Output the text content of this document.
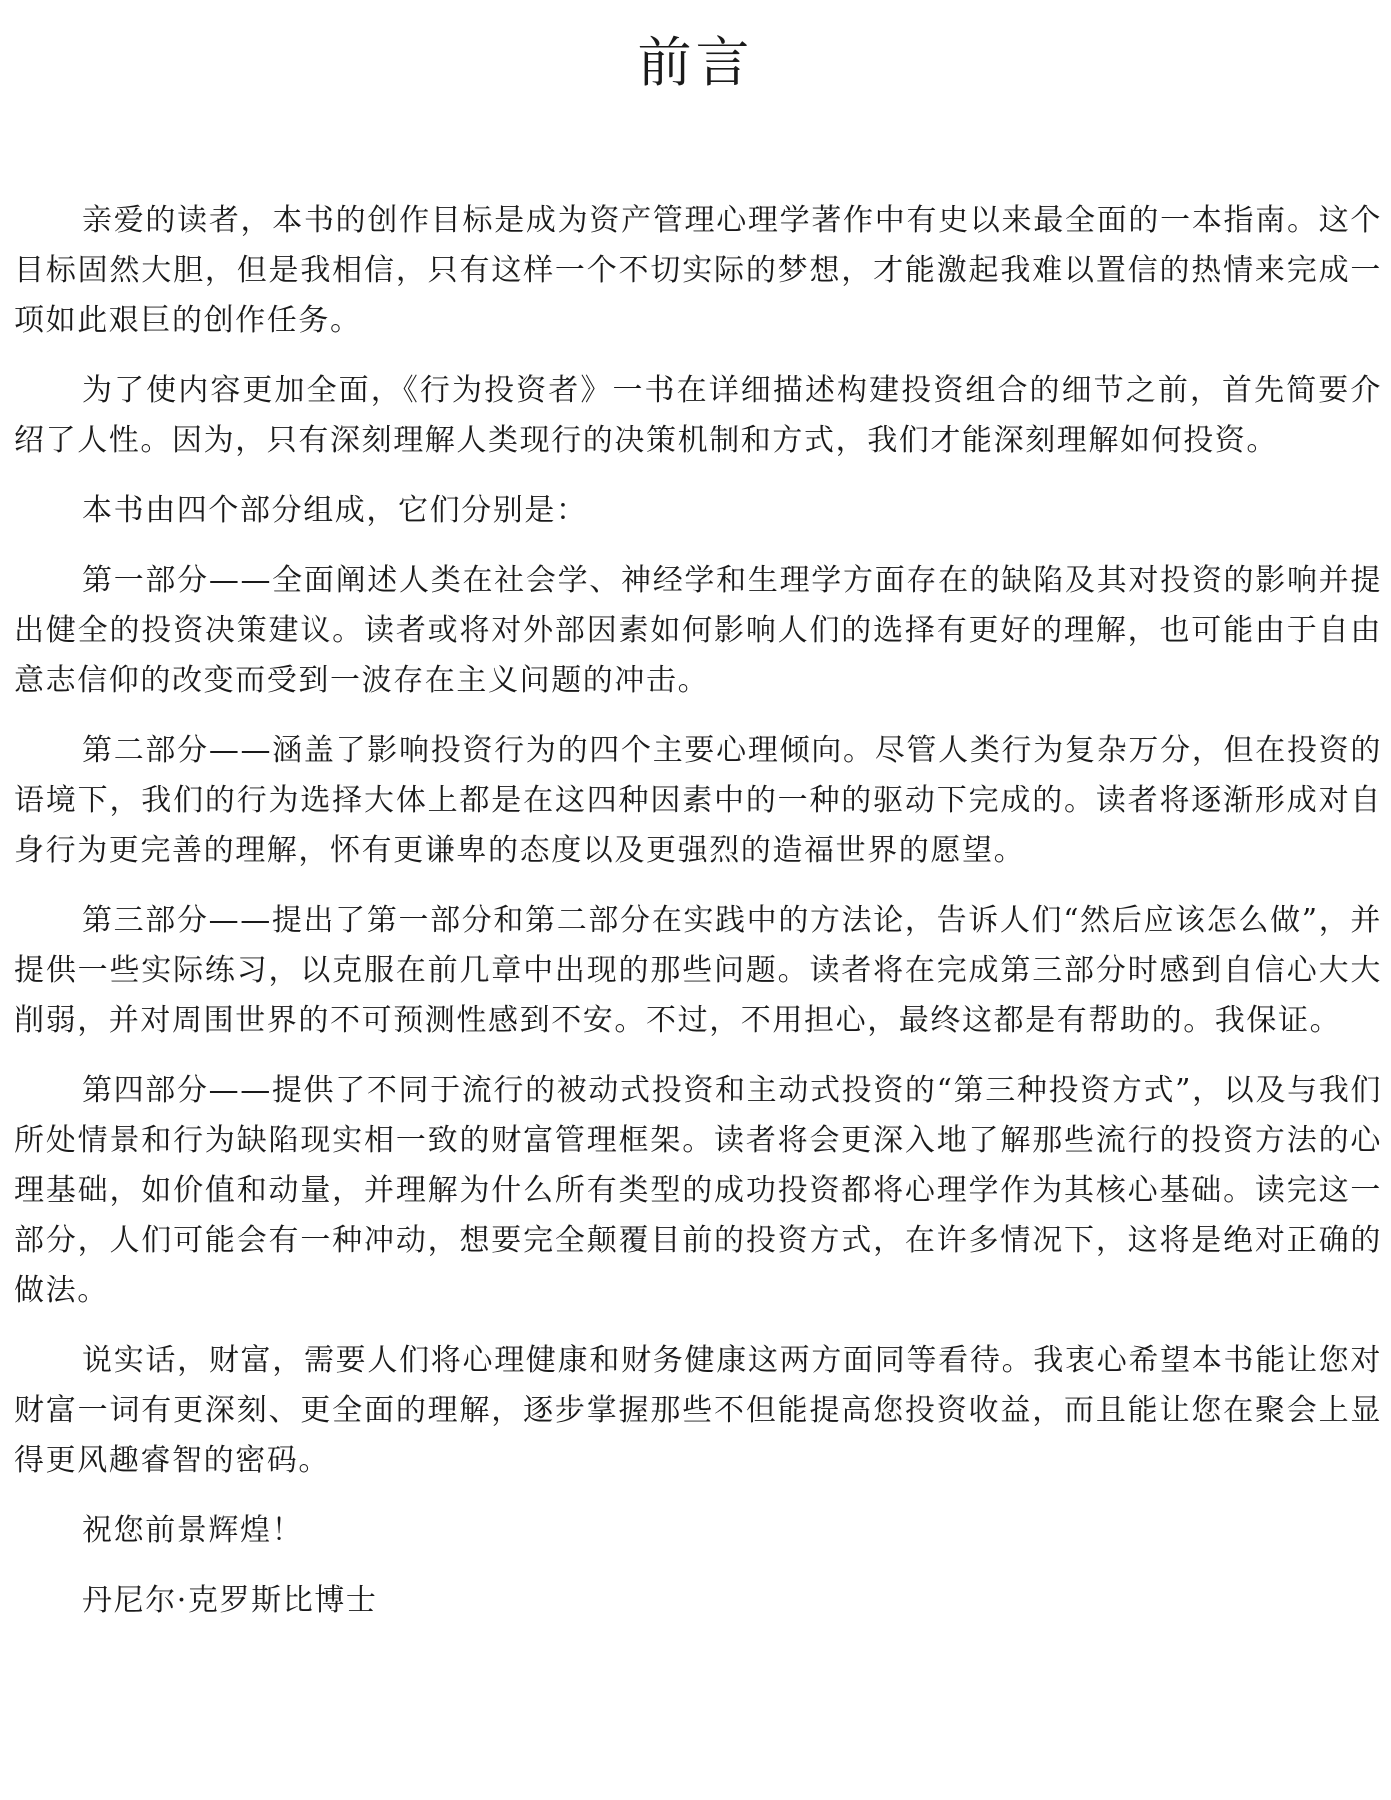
前言

亲爱的读者，本书的创作目标是成为资产管理心理学著作中有史以来最全面的一本指南。这个目标固然大胆，但是我相信，只有这样一个不切实际的梦想，才能激起我难以置信的热情来完成一项如此艰巨的创作任务。

为了使内容更加全面，《行为投资者》一书在详细描述构建投资组合的细节之前，首先简要介绍了人性。因为，只有深刻理解人类现行的决策机制和方式，我们才能深刻理解如何投资。

本书由四个部分组成，它们分别是：

第一部分——全面阐述人类在社会学、神经学和生理学方面存在的缺陷及其对投资的影响并提出健全的投资决策建议。读者或将对外部因素如何影响人们的选择有更好的理解，也可能由于自由意志信仰的改变而受到一波存在主义问题的冲击。

第二部分——涵盖了影响投资行为的四个主要心理倾向。尽管人类行为复杂万分，但在投资的语境下，我们的行为选择大体上都是在这四种因素中的一种的驱动下完成的。读者将逐渐形成对自身行为更完善的理解，怀有更谦卑的态度以及更强烈的造福世界的愿望。

第三部分——提出了第一部分和第二部分在实践中的方法论，告诉人们“然后应该怎么做”，并提供一些实际练习，以克服在前几章中出现的那些问题。读者将在完成第三部分时感到自信心大大削弱，并对周围世界的不可预测性感到不安。不过，不用担心，最终这都是有帮助的。我保证。

第四部分——提供了不同于流行的被动式投资和主动式投资的“第三种投资方式”，以及与我们所处情景和行为缺陷现实相一致的财富管理框架。读者将会更深入地了解那些流行的投资方法的心理基础，如价值和动量，并理解为什么所有类型的成功投资都将心理学作为其核心基础。读完这一部分，人们可能会有一种冲动，想要完全颠覆目前的投资方式，在许多情况下，这将是绝对正确的做法。

说实话，财富，需要人们将心理健康和财务健康这两方面同等看待。我衷心希望本书能让您对财富一词有更深刻、更全面的理解，逐步掌握那些不但能提高您投资收益，而且能让您在聚会上显得更风趣睿智的密码。

祝您前景辉煌！

丹尼尔·克罗斯比博士
